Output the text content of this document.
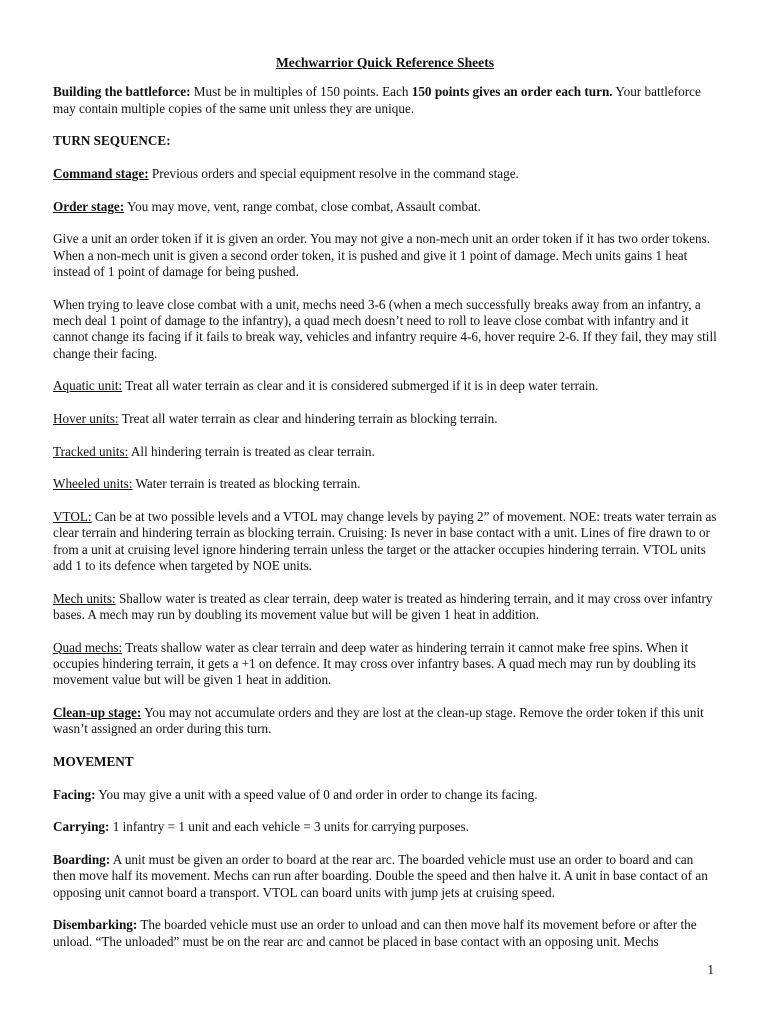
Mechwarrior Quick Reference Sheets

Building the battleforce: Must be in multiples of 150 points. Each 150 points gives an order each turn. Your battleforce may contain multiple copies of the same unit unless they are unique.

TURN SEQUENCE:

Command stage: Previous orders and special equipment resolve in the command stage.

Order stage: You may move, vent, range combat, close combat, Assault combat.

Give a unit an order token if it is given an order. You may not give a non-mech unit an order token if it has two order tokens. When a non-mech unit is given a second order token, it is pushed and give it 1 point of damage. Mech units gains 1 heat instead of 1 point of damage for being pushed.

When trying to leave close combat with a unit, mechs need 3-6 (when a mech successfully breaks away from an infantry, a mech deal 1 point of damage to the infantry), a quad mech doesn’t need to roll to leave close combat with infantry and it cannot change its facing if it fails to break way, vehicles and infantry require 4-6, hover require 2-6. If they fail, they may still change their facing.

Aquatic unit: Treat all water terrain as clear and it is considered submerged if it is in deep water terrain.

Hover units: Treat all water terrain as clear and hindering terrain as blocking terrain.

Tracked units: All hindering terrain is treated as clear terrain.

Wheeled units: Water terrain is treated as blocking terrain.

VTOL: Can be at two possible levels and a VTOL may change levels by paying 2” of movement. NOE: treats water terrain as clear terrain and hindering terrain as blocking terrain. Cruising: Is never in base contact with a unit. Lines of fire drawn to or from a unit at cruising level ignore hindering terrain unless the target or the attacker occupies hindering terrain. VTOL units add 1 to its defence when targeted by NOE units.

Mech units: Shallow water is treated as clear terrain, deep water is treated as hindering terrain, and it may cross over infantry bases. A mech may run by doubling its movement value but will be given 1 heat in addition.

Quad mechs: Treats shallow water as clear terrain and deep water as hindering terrain it cannot make free spins. When it occupies hindering terrain, it gets a +1 on defence. It may cross over infantry bases. A quad mech may run by doubling its movement value but will be given 1 heat in addition.

Clean-up stage: You may not accumulate orders and they are lost at the clean-up stage. Remove the order token if this unit wasn’t assigned an order during this turn.

MOVEMENT

Facing: You may give a unit with a speed value of 0 and order in order to change its facing.

Carrying: 1 infantry = 1 unit and each vehicle = 3 units for carrying purposes.

Boarding: A unit must be given an order to board at the rear arc. The boarded vehicle must use an order to board and can then move half its movement. Mechs can run after boarding. Double the speed and then halve it. A unit in base contact of an opposing unit cannot board a transport. VTOL can board units with jump jets at cruising speed.

Disembarking: The boarded vehicle must use an order to unload and can then move half its movement before or after the unload. “The unloaded” must be on the rear arc and cannot be placed in base contact with an opposing unit. Mechs

1
